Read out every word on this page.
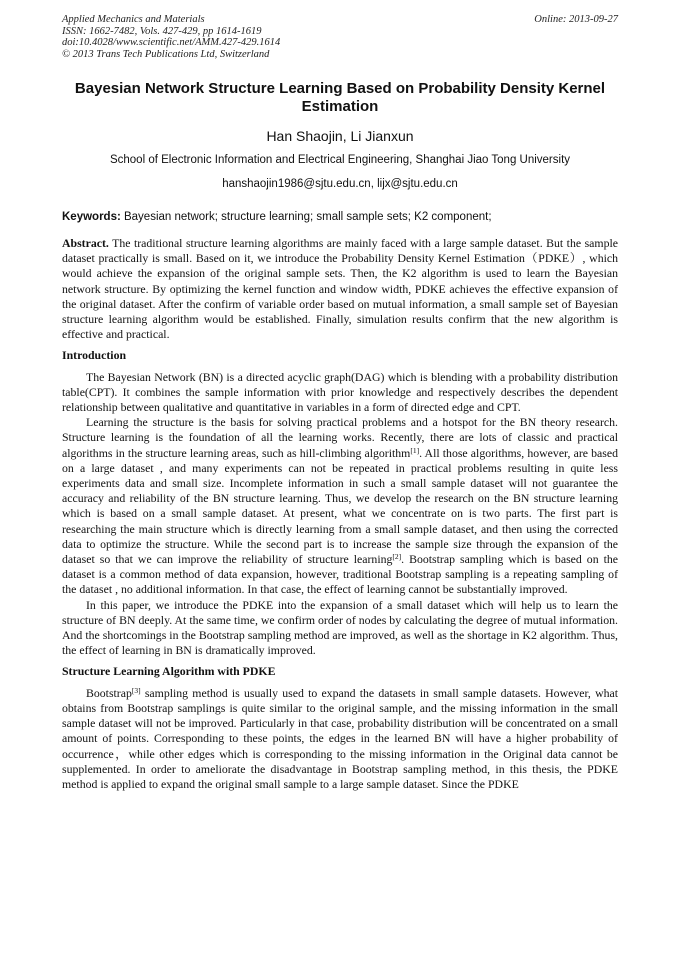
Applied Mechanics and Materials
ISSN: 1662-7482, Vols. 427-429, pp 1614-1619
doi:10.4028/www.scientific.net/AMM.427-429.1614
© 2013 Trans Tech Publications Ltd, Switzerland
Online: 2013-09-27
Bayesian Network Structure Learning Based on Probability Density Kernel Estimation
Han Shaojin, Li Jianxun
School of Electronic Information and Electrical Engineering, Shanghai Jiao Tong University
hanshaojin1986@sjtu.edu.cn, lijx@sjtu.edu.cn
Keywords: Bayesian network; structure learning; small sample sets; K2 component;

Abstract. The traditional structure learning algorithms are mainly faced with a large sample dataset. But the sample dataset practically is small. Based on it, we introduce the Probability Density Kernel Estimation（PDKE）, which would achieve the expansion of the original sample sets. Then, the K2 algorithm is used to learn the Bayesian network structure. By optimizing the kernel function and window width, PDKE achieves the effective expansion of the original dataset. After the confirm of variable order based on mutual information, a small sample set of Bayesian structure learning algorithm would be established. Finally, simulation results confirm that the new algorithm is effective and practical.

Introduction

The Bayesian Network (BN) is a directed acyclic graph(DAG) which is blending with a probability distribution table(CPT). It combines the sample information with prior knowledge and respectively describes the dependent relationship between qualitative and quantitative in variables in a form of directed edge and CPT.

Learning the structure is the basis for solving practical problems and a hotspot for the BN theory research. Structure learning is the foundation of all the learning works. Recently, there are lots of classic and practical algorithms in the structure learning areas, such as hill-climbing algorithm[1]. All those algorithms, however, are based on a large dataset , and many experiments can not be repeated in practical problems resulting in quite less experiments data and small size. Incomplete information in such a small sample dataset will not guarantee the accuracy and reliability of the BN structure learning. Thus, we develop the research on the BN structure learning which is based on a small sample dataset. At present, what we concentrate on is two parts. The first part is researching the main structure which is directly learning from a small sample dataset, and then using the corrected data to optimize the structure. While the second part is to increase the sample size through the expansion of the dataset so that we can improve the reliability of structure learning[2]. Bootstrap sampling which is based on the dataset is a common method of data expansion, however, traditional Bootstrap sampling is a repeating sampling of the dataset , no additional information. In that case, the effect of learning cannot be substantially improved.

In this paper, we introduce the PDKE into the expansion of a small dataset which will help us to learn the structure of BN deeply. At the same time, we confirm order of nodes by calculating the degree of mutual information. And the shortcomings in the Bootstrap sampling method are improved, as well as the shortage in K2 algorithm. Thus, the effect of learning in BN is dramatically improved.

Structure Learning Algorithm with PDKE

Bootstrap[3] sampling method is usually used to expand the datasets in small sample datasets. However, what obtains from Bootstrap samplings is quite similar to the original sample, and the missing information in the small sample dataset will not be improved. Particularly in that case, probability distribution will be concentrated on a small amount of points. Corresponding to these points, the edges in the learned BN will have a higher probability of occurrence，while other edges which is corresponding to the missing information in the Original data cannot be supplemented. In order to ameliorate the disadvantage in Bootstrap sampling method, in this thesis, the PDKE method is applied to expand the original small sample to a large sample dataset. Since the PDKE
